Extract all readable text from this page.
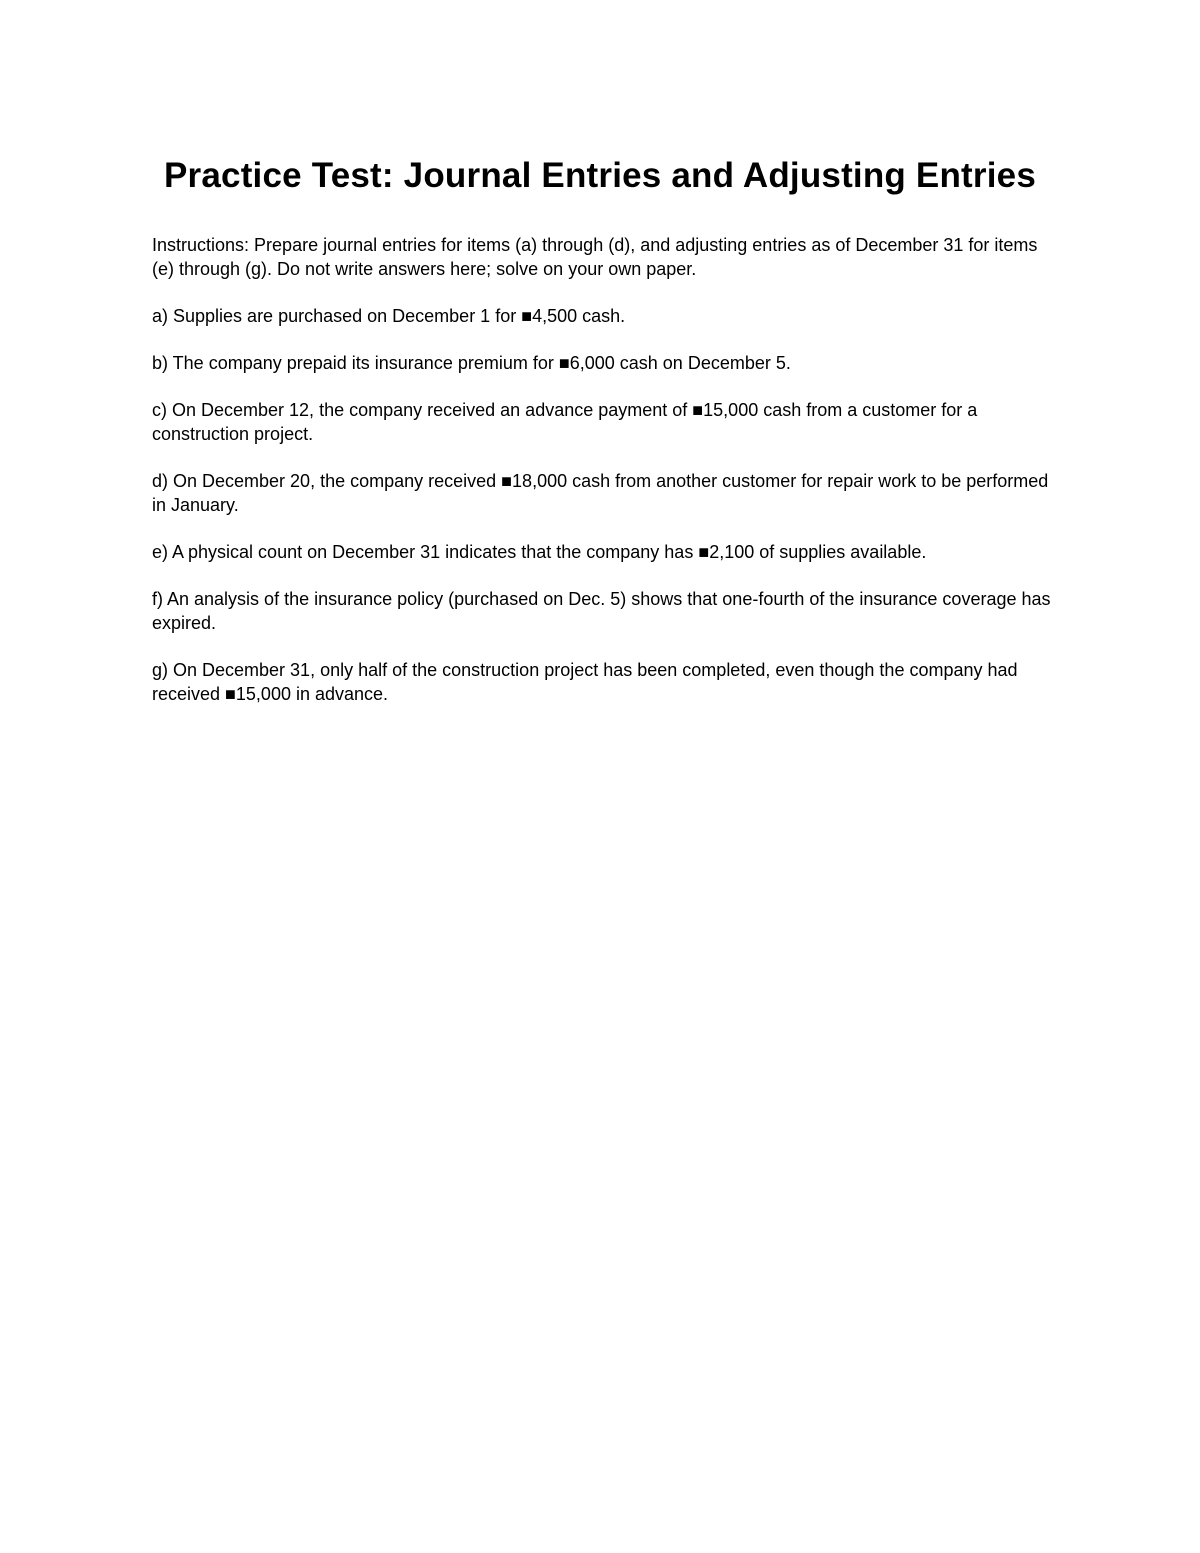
Practice Test: Journal Entries and Adjusting Entries

Instructions: Prepare journal entries for items (a) through (d), and adjusting entries as of December 31 for items (e) through (g). Do not write answers here; solve on your own paper.

a) Supplies are purchased on December 1 for ■4,500 cash.

b) The company prepaid its insurance premium for ■6,000 cash on December 5.

c) On December 12, the company received an advance payment of ■15,000 cash from a customer for a construction project.

d) On December 20, the company received ■18,000 cash from another customer for repair work to be performed in January.

e) A physical count on December 31 indicates that the company has ■2,100 of supplies available.

f) An analysis of the insurance policy (purchased on Dec. 5) shows that one-fourth of the insurance coverage has expired.

g) On December 31, only half of the construction project has been completed, even though the company had received ■15,000 in advance.
